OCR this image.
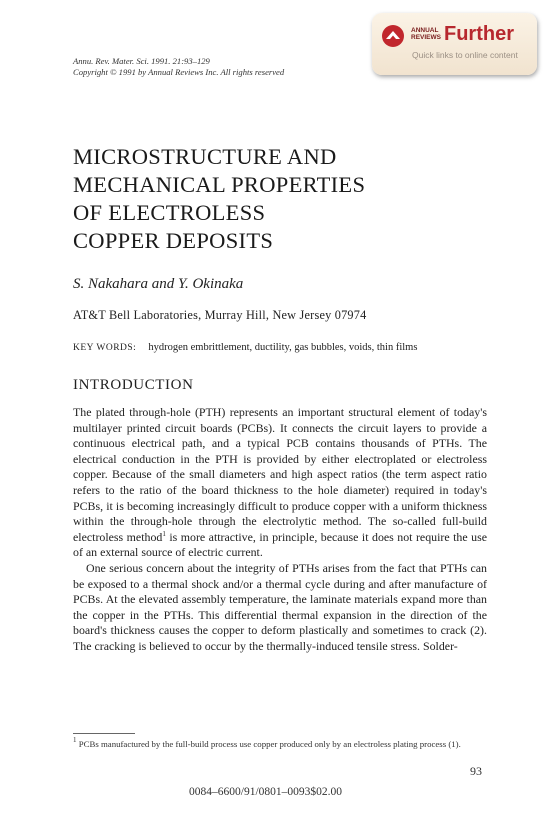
Annu. Rev. Mater. Sci. 1991. 21:93–129
Copyright © 1991 by Annual Reviews Inc. All rights reserved
ANNUAL
REVIEWS Further
Quick links to online content
MICROSTRUCTURE AND
MECHANICAL PROPERTIES
OF ELECTROLESS
COPPER DEPOSITS
S. Nakahara and Y. Okinaka
AT&T Bell Laboratories, Murray Hill, New Jersey 07974
KEY WORDS: hydrogen embrittlement, ductility, gas bubbles, voids, thin films
INTRODUCTION

The plated through-hole (PTH) represents an important structural element of today's multilayer printed circuit boards (PCBs). It connects the circuit layers to provide a continuous electrical path, and a typical PCB contains thousands of PTHs. The electrical conduction in the PTH is provided by either electroplated or electroless copper. Because of the small diameters and high aspect ratios (the term aspect ratio refers to the ratio of the board thickness to the hole diameter) required in today's PCBs, it is becoming increasingly difficult to produce copper with a uniform thickness within the through-hole through the electrolytic method. The so-called full-build electroless method$^1$ is more attractive, in principle, because it does not require the use of an external source of electric current.

One serious concern about the integrity of PTHs arises from the fact that PTHs can be exposed to a thermal shock and/or a thermal cycle during and after manufacture of PCBs. At the elevated assembly temperature, the laminate materials expand more than the copper in the PTHs. This differential thermal expansion in the direction of the board's thickness causes the copper to deform plastically and sometimes to crack (2). The cracking is believed to occur by the thermally-induced tensile stress. Solder-

$^1$ PCBs manufactured by the full-build process use copper produced only by an electroless plating process (1).
93
0084–6600/91/0801–0093$02.00
